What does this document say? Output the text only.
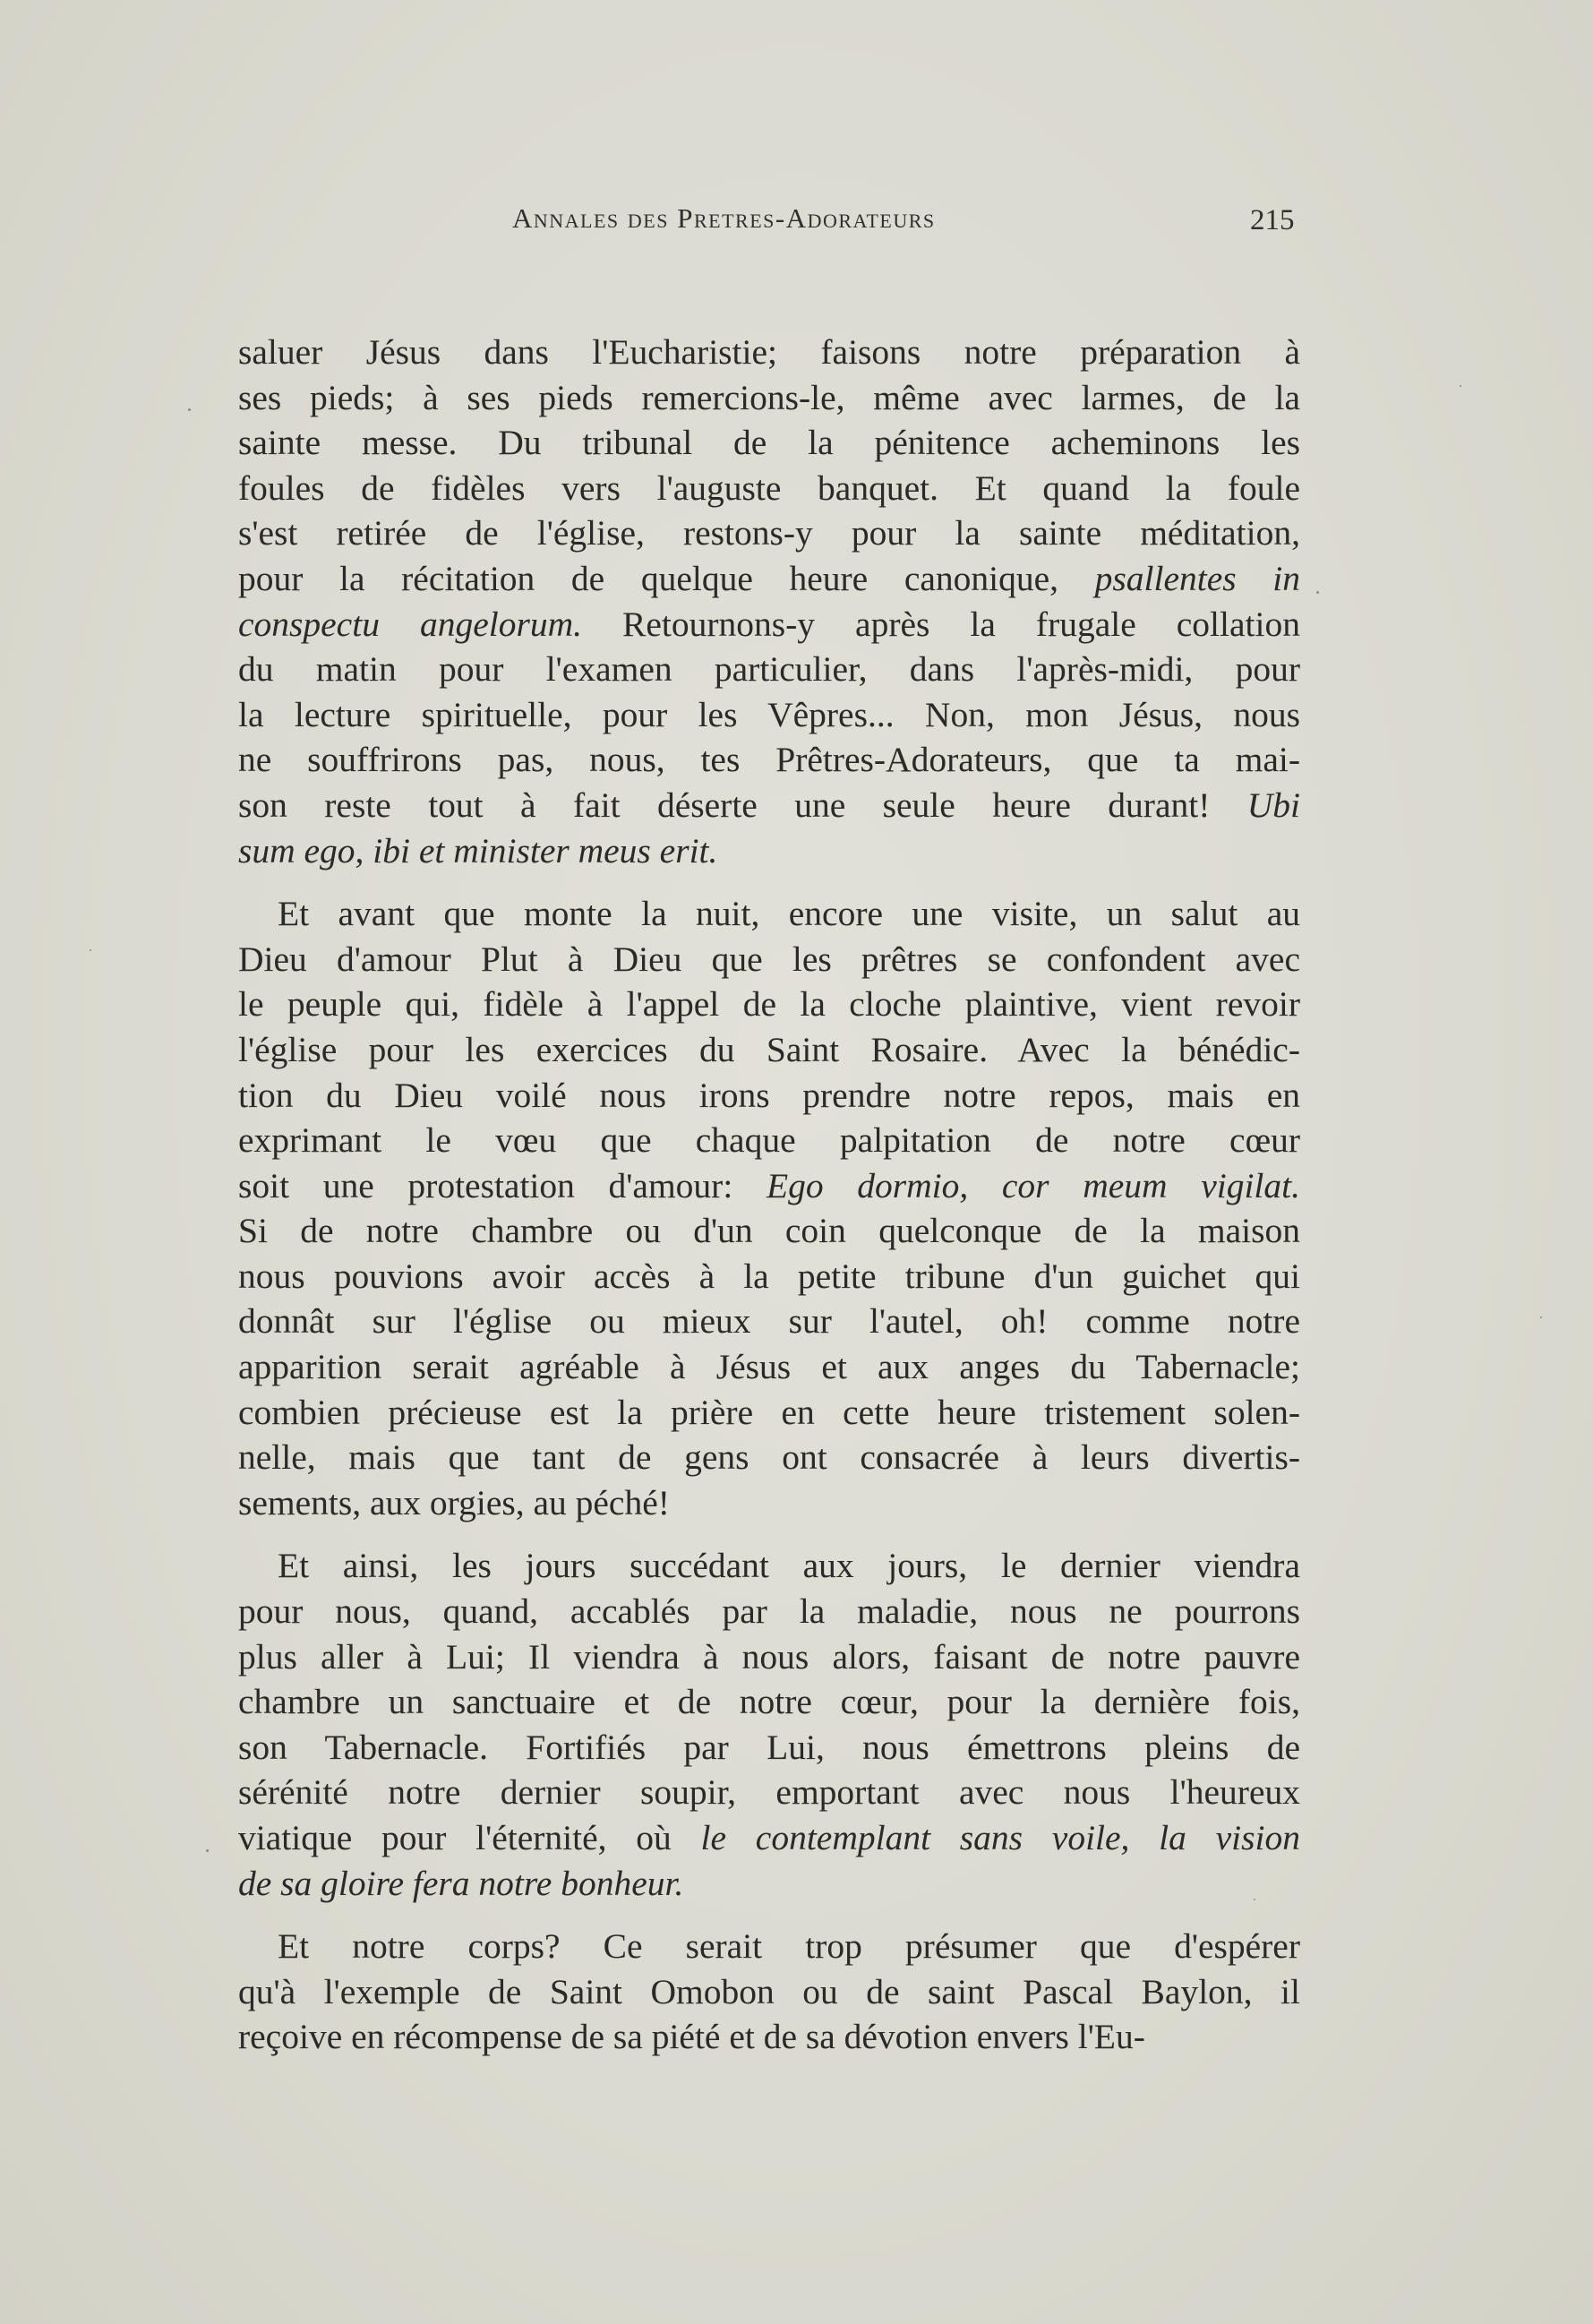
Annales des Pretres-Adorateurs	215
saluer Jésus dans l'Eucharistie; faisons notre préparation à
ses pieds; à ses pieds remercions-le, même avec larmes, de la
sainte messe. Du tribunal de la pénitence acheminons les
foules de fidèles vers l'auguste banquet. Et quand la foule
s'est retirée de l'église, restons-y pour la sainte méditation,
pour la récitation de quelque heure canonique, psallentes in
conspectu angelorum. Retournons-y après la frugale collation
du matin pour l'examen particulier, dans l'après-midi, pour
la lecture spirituelle, pour les Vêpres... Non, mon Jésus, nous
ne souffrirons pas, nous, tes Prêtres-Adorateurs, que ta mai-
son reste tout à fait déserte une seule heure durant! Ubi
sum ego, ibi et minister meus erit.
Et avant que monte la nuit, encore une visite, un salut au
Dieu d'amour Plut à Dieu que les prêtres se confondent avec
le peuple qui, fidèle à l'appel de la cloche plaintive, vient revoir
l'église pour les exercices du Saint Rosaire. Avec la bénédic-
tion du Dieu voilé nous irons prendre notre repos, mais en
exprimant le vœu que chaque palpitation de notre cœur
soit une protestation d'amour: Ego dormio, cor meum vigilat.
Si de notre chambre ou d'un coin quelconque de la maison
nous pouvions avoir accès à la petite tribune d'un guichet qui
donnât sur l'église ou mieux sur l'autel, oh! comme notre
apparition serait agréable à Jésus et aux anges du Tabernacle;
combien précieuse est la prière en cette heure tristement solen-
nelle, mais que tant de gens ont consacrée à leurs divertis-
sements, aux orgies, au péché!
Et ainsi, les jours succédant aux jours, le dernier viendra
pour nous, quand, accablés par la maladie, nous ne pourrons
plus aller à Lui; Il viendra à nous alors, faisant de notre pauvre
chambre un sanctuaire et de notre cœur, pour la dernière fois,
son Tabernacle. Fortifiés par Lui, nous émettrons pleins de
sérénité notre dernier soupir, emportant avec nous l'heureux
viatique pour l'éternité, où le contemplant sans voile, la vision
de sa gloire fera notre bonheur.
Et notre corps? Ce serait trop présumer que d'espérer
qu'à l'exemple de Saint Omobon ou de saint Pascal Baylon, il
reçoive en récompense de sa piété et de sa dévotion envers l'Eu-
